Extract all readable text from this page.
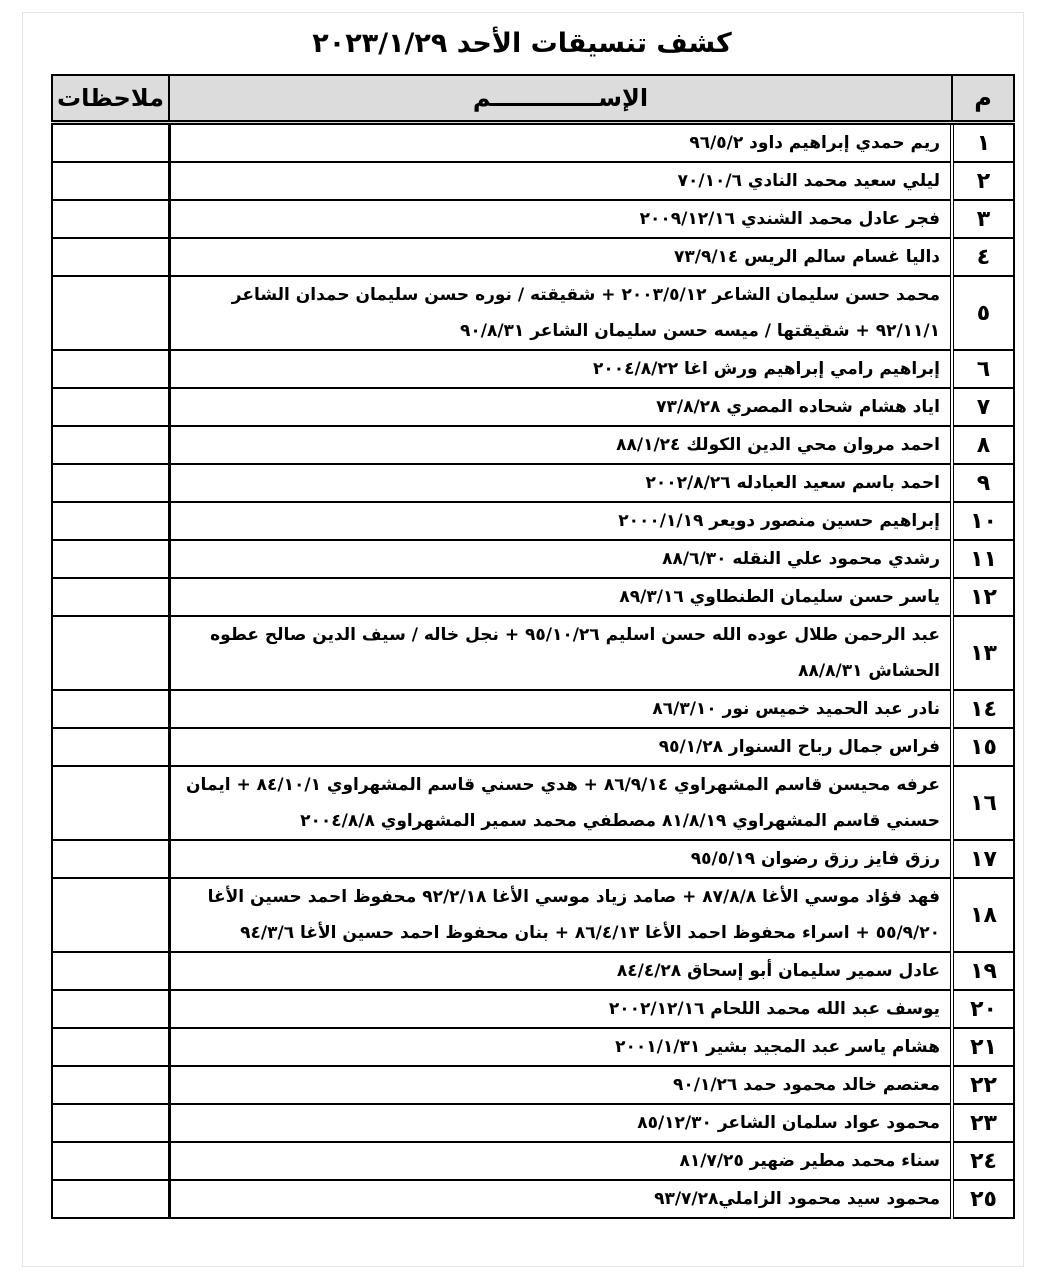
كشف تنسيقات الأحد ٢٠٢٣/١/٢٩
م	الإســـــــــــــم	ملاحظات
١	ريم حمدي إبراهيم داود ٩٦/٥/٢	
٢	ليلي سعيد محمد النادي ٧٠/١٠/٦	
٣	فجر عادل محمد الشندي ٢٠٠٩/١٢/١٦	
٤	داليا غسام سالم الريس ٧٣/٩/١٤	
٥	محمد حسن سليمان الشاعر ٢٠٠٣/٥/١٢ + شقيقته / نوره حسن سليمان حمدان الشاعر ٩٢/١١/١ + شقيقتها / ميسه حسن سليمان الشاعر ٩٠/٨/٣١	
٦	إبراهيم رامي إبراهيم ورش اغا ٢٠٠٤/٨/٢٢	
٧	اياد هشام شحاده المصري ٧٣/٨/٢٨	
٨	احمد مروان محي الدين الكولك ٨٨/١/٢٤	
٩	احمد باسم سعيد العبادله ٢٠٠٢/٨/٢٦	
١٠	إبراهيم حسين منصور دويعر ٢٠٠٠/١/١٩	
١١	رشدي محمود علي النقله ٨٨/٦/٣٠	
١٢	ياسر حسن سليمان الطنطاوي ٨٩/٣/١٦	
١٣	عبد الرحمن طلال عوده الله حسن اسليم ٩٥/١٠/٢٦ + نجل خاله / سيف الدين صالح عطوه الحشاش ٨٨/٨/٣١	
١٤	نادر عبد الحميد خميس نور ٨٦/٣/١٠	
١٥	فراس جمال رباح السنوار ٩٥/١/٢٨	
١٦	عرفه محيسن قاسم المشهراوي ٨٦/٩/١٤ + هدي حسني قاسم المشهراوي ٨٤/١٠/١ + ايمان حسني قاسم المشهراوي ٨١/٨/١٩ مصطفي محمد سمير المشهراوي ٢٠٠٤/٨/٨	
١٧	رزق فايز رزق رضوان ٩٥/٥/١٩	
١٨	فهد فؤاد موسي الأغا ٨٧/٨/٨ + صامد زياد موسي الأغا ٩٢/٢/١٨ محفوظ احمد حسين الأغا ٥٥/٩/٢٠ + اسراء محفوظ احمد الأغا ٨٦/٤/١٣ + بنان محفوظ احمد حسين الأغا ٩٤/٣/٦	
١٩	عادل سمير سليمان أبو إسحاق ٨٤/٤/٢٨	
٢٠	يوسف عبد الله محمد اللحام ٢٠٠٢/١٢/١٦	
٢١	هشام ياسر عبد المجيد بشير ٢٠٠١/١/٣١	
٢٢	معتصم خالد محمود حمد ٩٠/١/٢٦	
٢٣	محمود عواد سلمان الشاعر ٨٥/١٢/٣٠	
٢٤	سناء محمد مطير ضهير ٨١/٧/٢٥	
٢٥	محمود سيد محمود الزاملي٩٣/٧/٢٨	
